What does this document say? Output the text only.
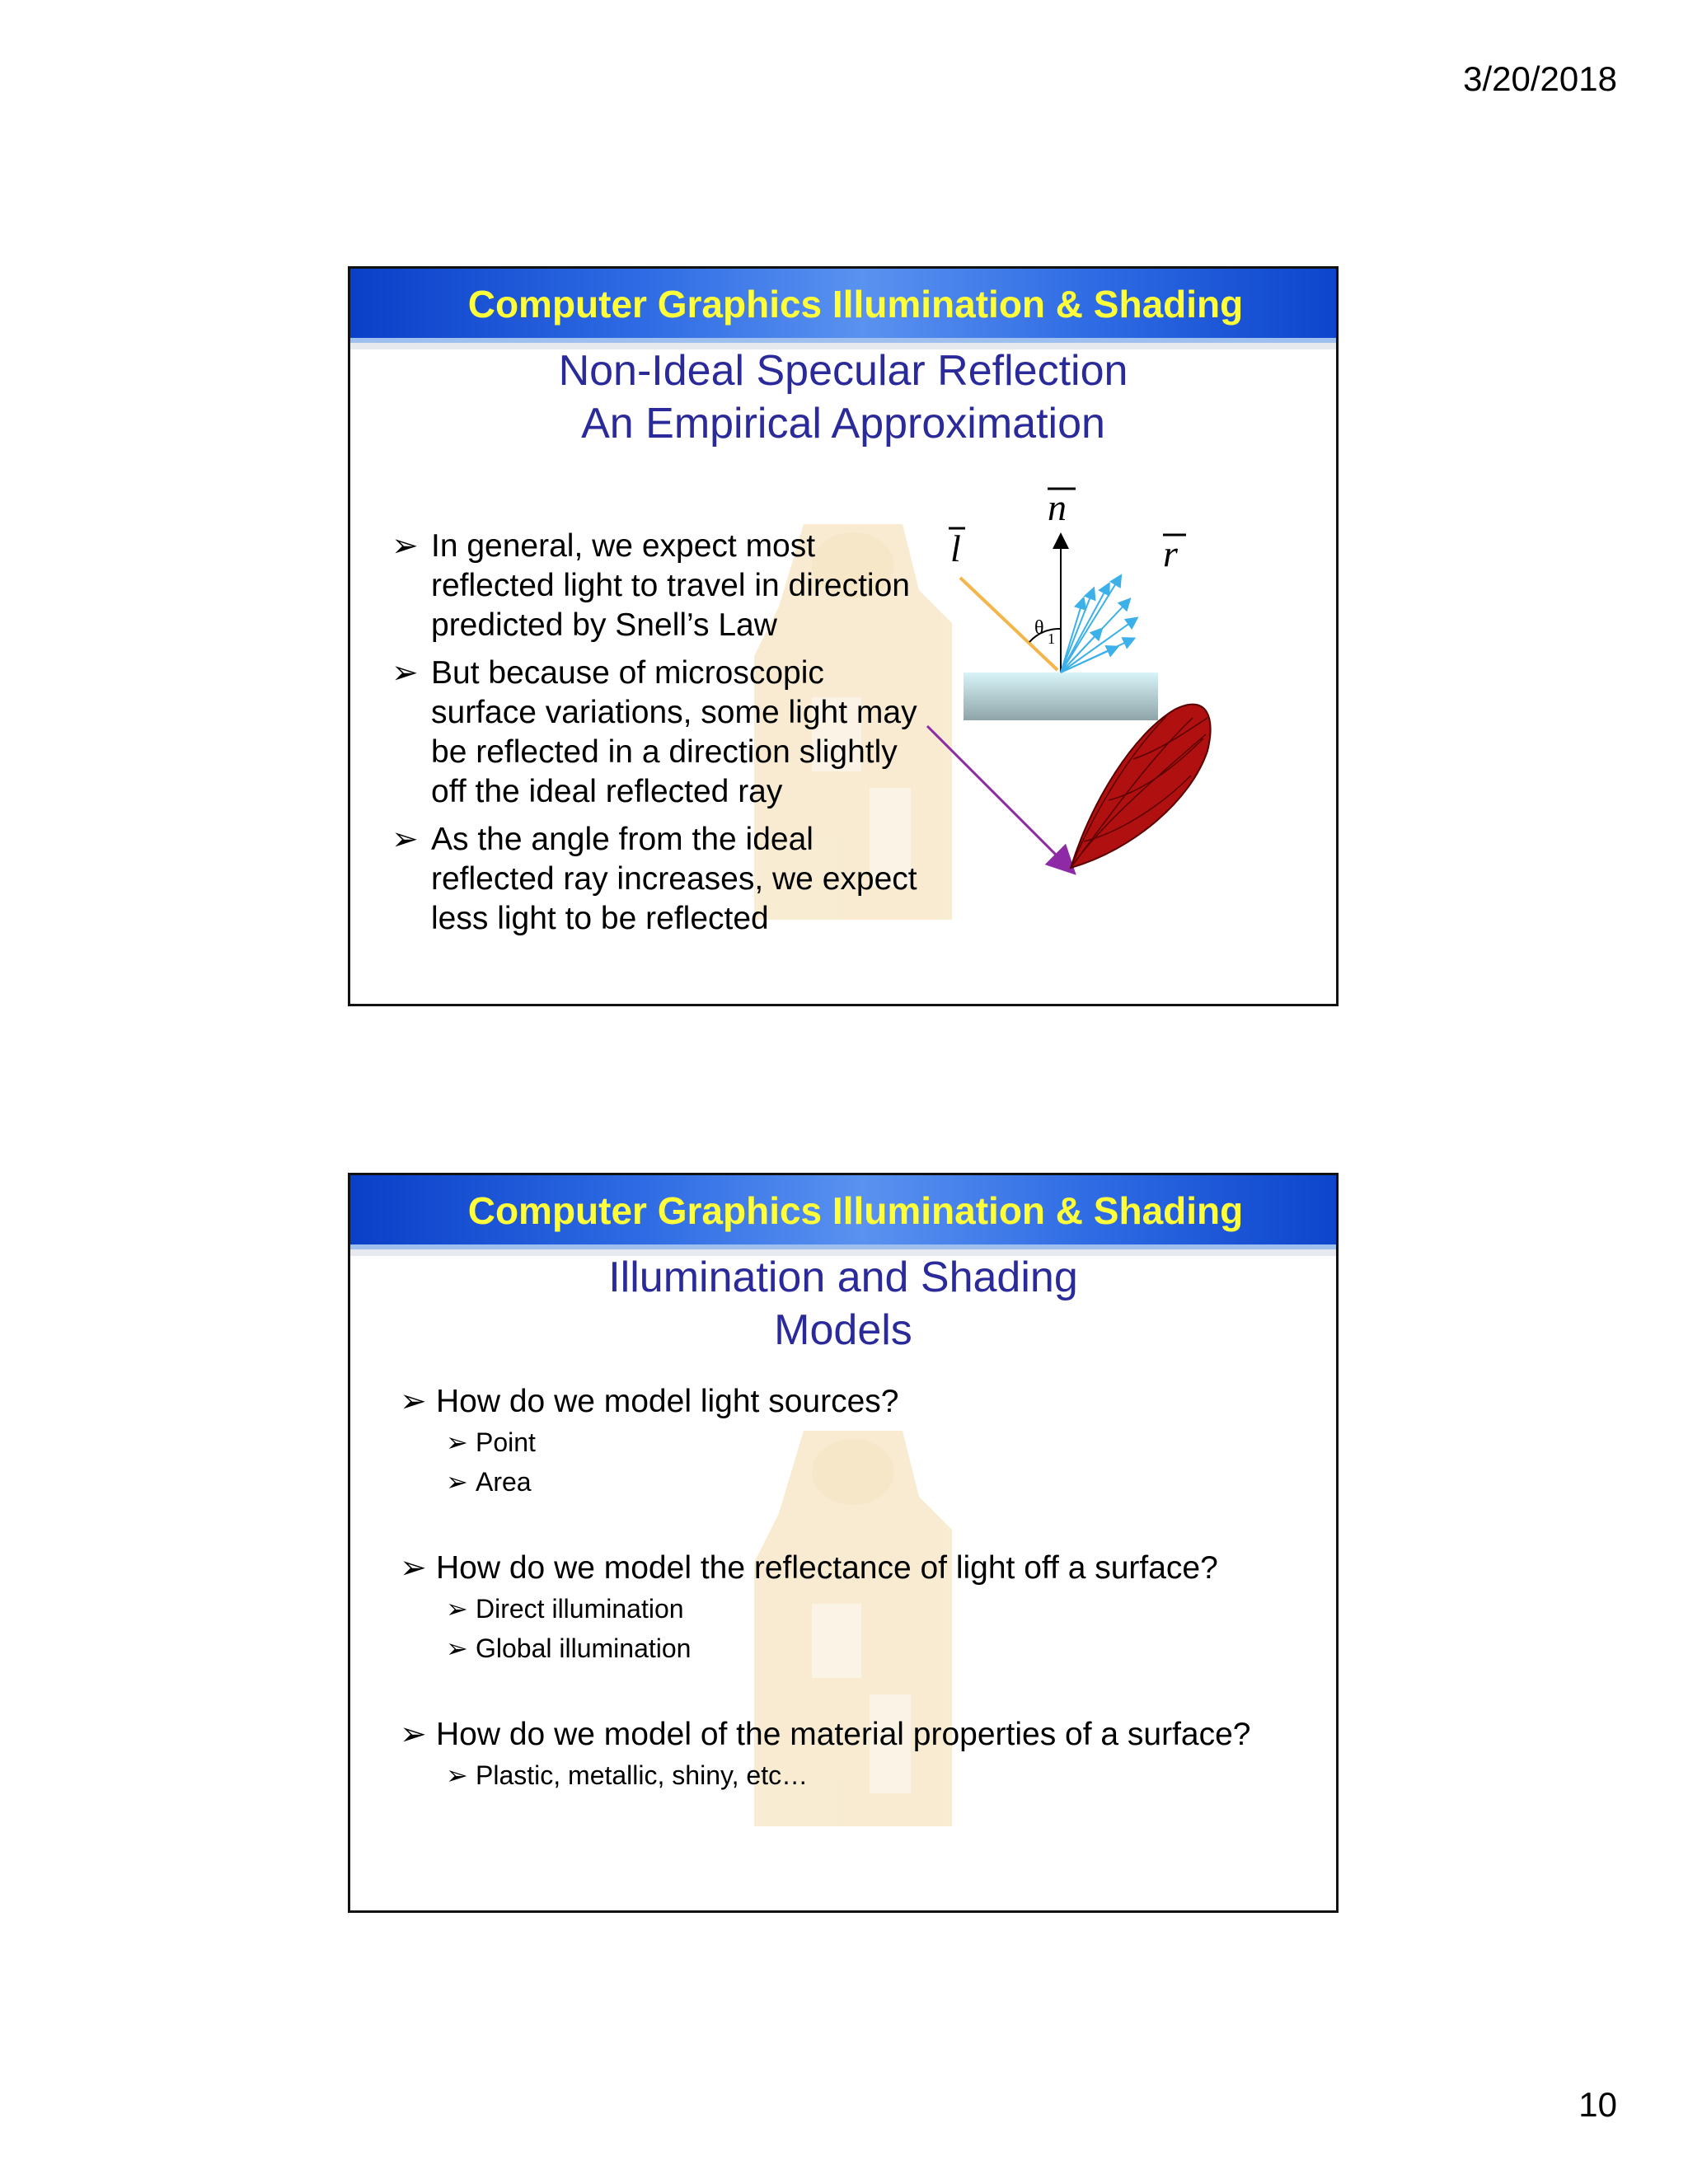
3/20/2018
Computer Graphics Illumination & Shading
Non-Ideal Specular Reflection
An Empirical Approximation
➢ In general, we expect most
reflected light to travel in direction
predicted by Snell’s Law
➢ But because of microscopic
surface variations, some light may
be reflected in a direction slightly
off the ideal reflected ray
➢ As the angle from the ideal
reflected ray increases, we expect
less light to be reflected
θ 1
l
n
r
Computer Graphics Illumination & Shading
Illumination and Shading
Models
➢ How do we model light sources?
➢ Point
➢ Area
➢ How do we model the reflectance of light off a surface?
➢ Direct illumination
➢ Global illumination
➢ How do we model of the material properties of a surface?
➢ Plastic, metallic, shiny, etc…
10
